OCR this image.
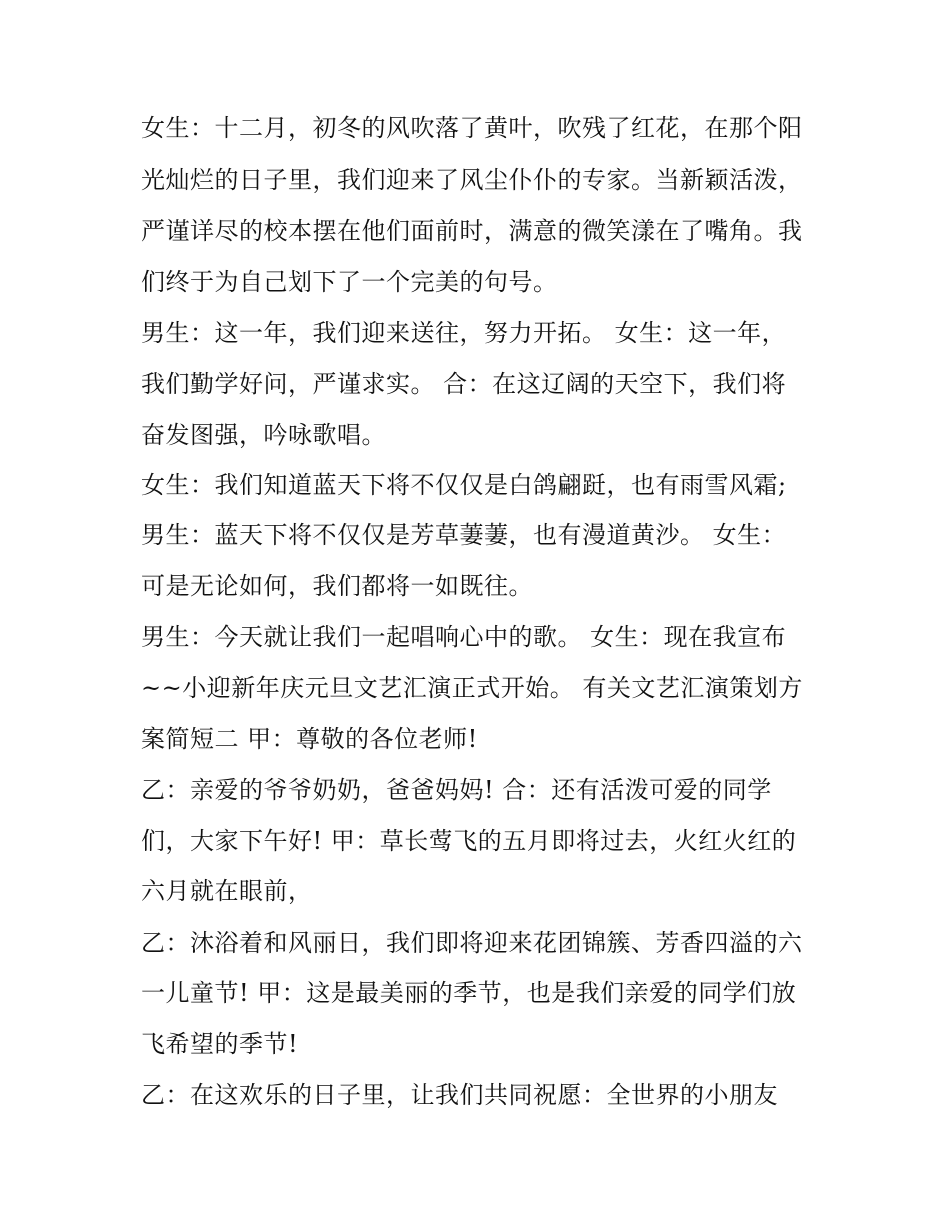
女生：十二月，初冬的风吹落了黄叶，吹残了红花，在那个阳
光灿烂的日子里，我们迎来了风尘仆仆的专家。当新颖活泼，
严谨详尽的校本摆在他们面前时，满意的微笑漾在了嘴角。我
们终于为自己划下了一个完美的句号。
男生：这一年，我们迎来送往，努力开拓。 女生：这一年，
我们勤学好问，严谨求实。 合：在这辽阔的天空下，我们将
奋发图强，吟咏歌唱。
女生：我们知道蓝天下将不仅仅是白鸽翩跹，也有雨雪风霜;
男生：蓝天下将不仅仅是芳草萋萋，也有漫道黄沙。 女生：
可是无论如何，我们都将一如既往。
男生：今天就让我们一起唱响心中的歌。 女生：现在我宣布
~~小迎新年庆元旦文艺汇演正式开始。 有关文艺汇演策划方
案简短二 甲：尊敬的各位老师!
乙：亲爱的爷爷奶奶，爸爸妈妈! 合：还有活泼可爱的同学
们，大家下午好! 甲：草长莺飞的五月即将过去，火红火红的
六月就在眼前，
乙：沐浴着和风丽日，我们即将迎来花团锦簇、芳香四溢的六
一儿童节! 甲：这是最美丽的季节，也是我们亲爱的同学们放
飞希望的季节!
乙：在这欢乐的日子里，让我们共同祝愿：全世界的小朋友
